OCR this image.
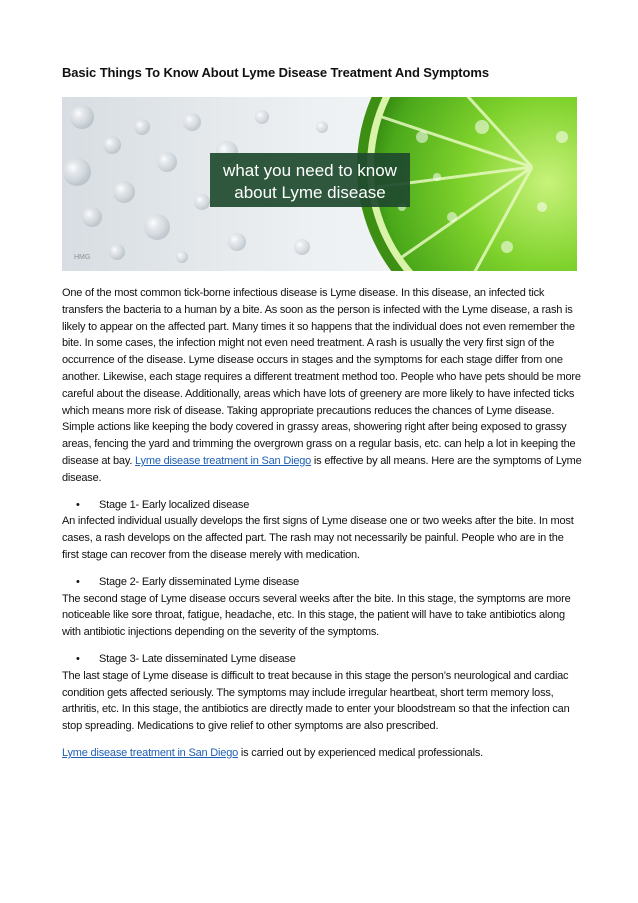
Basic Things To Know About Lyme Disease Treatment And Symptoms
what you need to know
about Lyme disease
HMG

One of the most common tick-borne infectious disease is Lyme disease. In this disease, an infected tick transfers the bacteria to a human by a bite. As soon as the person is infected with the Lyme disease, a rash is likely to appear on the affected part. Many times it so happens that the individual does not even remember the bite. In some cases, the infection might not even need treatment. A rash is usually the very first sign of the occurrence of the disease. Lyme disease occurs in stages and the symptoms for each stage differ from one another. Likewise, each stage requires a different treatment method too. People who have pets should be more careful about the disease. Additionally, areas which have lots of greenery are more likely to have infected ticks which means more risk of disease. Taking appropriate precautions reduces the chances of Lyme disease. Simple actions like keeping the body covered in grassy areas, showering right after being exposed to grassy areas, fencing the yard and trimming the overgrown grass on a regular basis, etc. can help a lot in keeping the disease at bay. Lyme disease treatment in San Diego is effective by all means. Here are the symptoms of Lyme disease.

• Stage 1- Early localized disease

An infected individual usually develops the first signs of Lyme disease one or two weeks after the bite. In most cases, a rash develops on the affected part. The rash may not necessarily be painful. People who are in the first stage can recover from the disease merely with medication.

• Stage 2- Early disseminated Lyme disease

The second stage of Lyme disease occurs several weeks after the bite. In this stage, the symptoms are more noticeable like sore throat, fatigue, headache, etc. In this stage, the patient will have to take antibiotics along with antibiotic injections depending on the severity of the symptoms.

• Stage 3- Late disseminated Lyme disease

The last stage of Lyme disease is difficult to treat because in this stage the person’s neurological and cardiac condition gets affected seriously. The symptoms may include irregular heartbeat, short term memory loss, arthritis, etc. In this stage, the antibiotics are directly made to enter your bloodstream so that the infection can stop spreading. Medications to give relief to other symptoms are also prescribed.

Lyme disease treatment in San Diego is carried out by experienced medical professionals.
